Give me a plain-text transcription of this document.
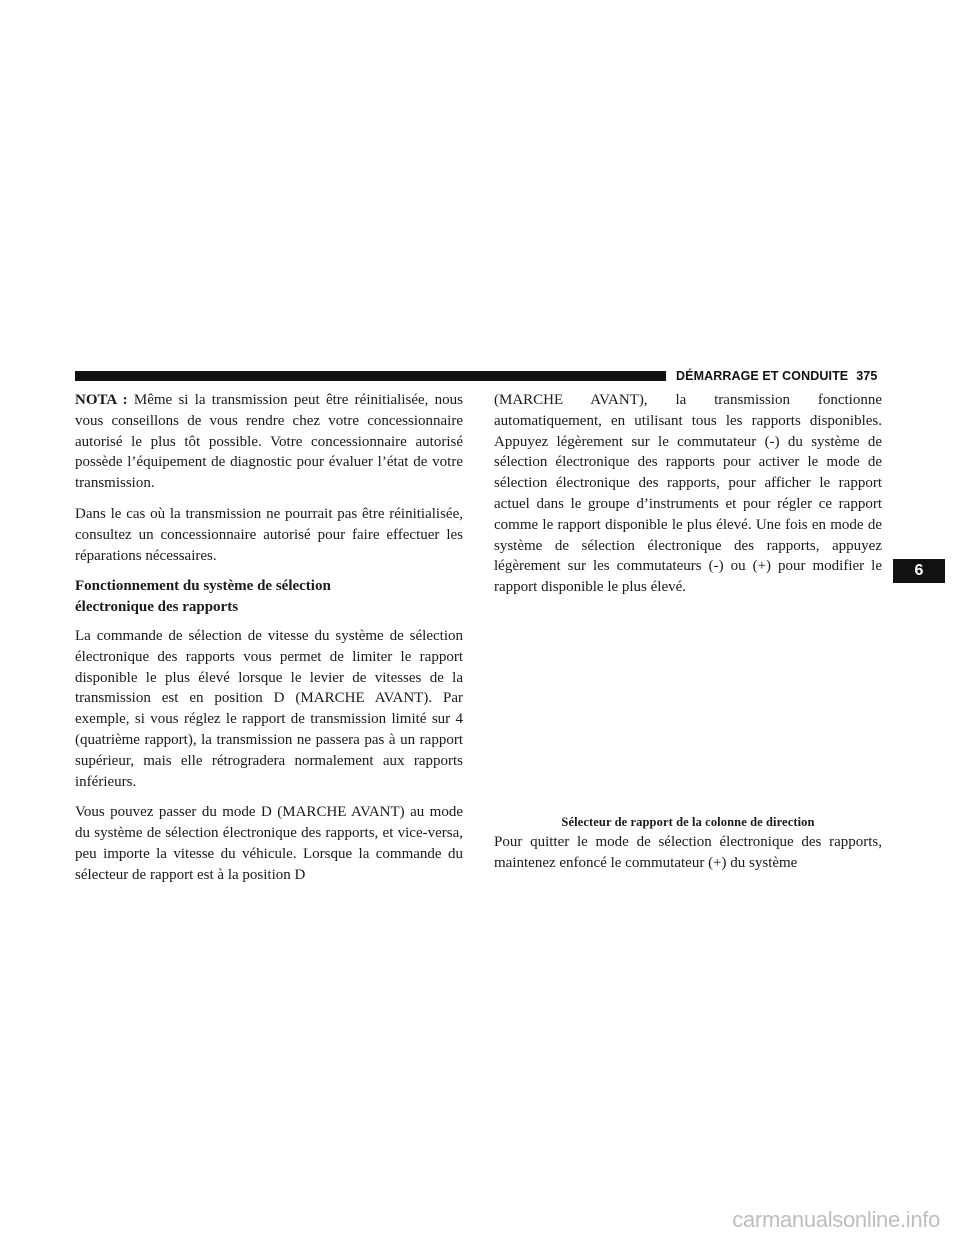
DÉMARRAGE ET CONDUITE 375

NOTA : Même si la transmission peut être réinitialisée, nous vous conseillons de vous rendre chez votre concessionnaire autorisé le plus tôt possible. Votre concessionnaire autorisé possède l’équipement de diagnostic pour évaluer l’état de votre transmission.

Dans le cas où la transmission ne pourrait pas être réinitialisée, consultez un concessionnaire autorisé pour faire effectuer les réparations nécessaires.

Fonctionnement du système de sélection
électronique des rapports

La commande de sélection de vitesse du système de sélection électronique des rapports vous permet de limiter le rapport disponible le plus élevé lorsque le levier de vitesses de la transmission est en position D (MARCHE AVANT). Par exemple, si vous réglez le rapport de transmission limité sur 4 (quatrième rapport), la transmission ne passera pas à un rapport supérieur, mais elle rétrogradera normalement aux rapports inférieurs.

Vous pouvez passer du mode D (MARCHE AVANT) au mode du système de sélection électronique des rapports, et vice-versa, peu importe la vitesse du véhicule. Lorsque la commande du sélecteur de rapport est à la position D

(MARCHE AVANT), la transmission fonctionne automatiquement, en utilisant tous les rapports disponibles. Appuyez légèrement sur le commutateur (-) du système de sélection électronique des rapports pour activer le mode de sélection électronique des rapports, pour afficher le rapport actuel dans le groupe d’instruments et pour régler ce rapport comme le rapport disponible le plus élevé. Une fois en mode de système de sélection électronique des rapports, appuyez légèrement sur les commutateurs (-) ou (+) pour modifier le rapport disponible le plus élevé.

Sélecteur de rapport de la colonne de direction

Pour quitter le mode de sélection électronique des rapports, maintenez enfoncé le commutateur (+) du système

6
carmanualsonline.info
